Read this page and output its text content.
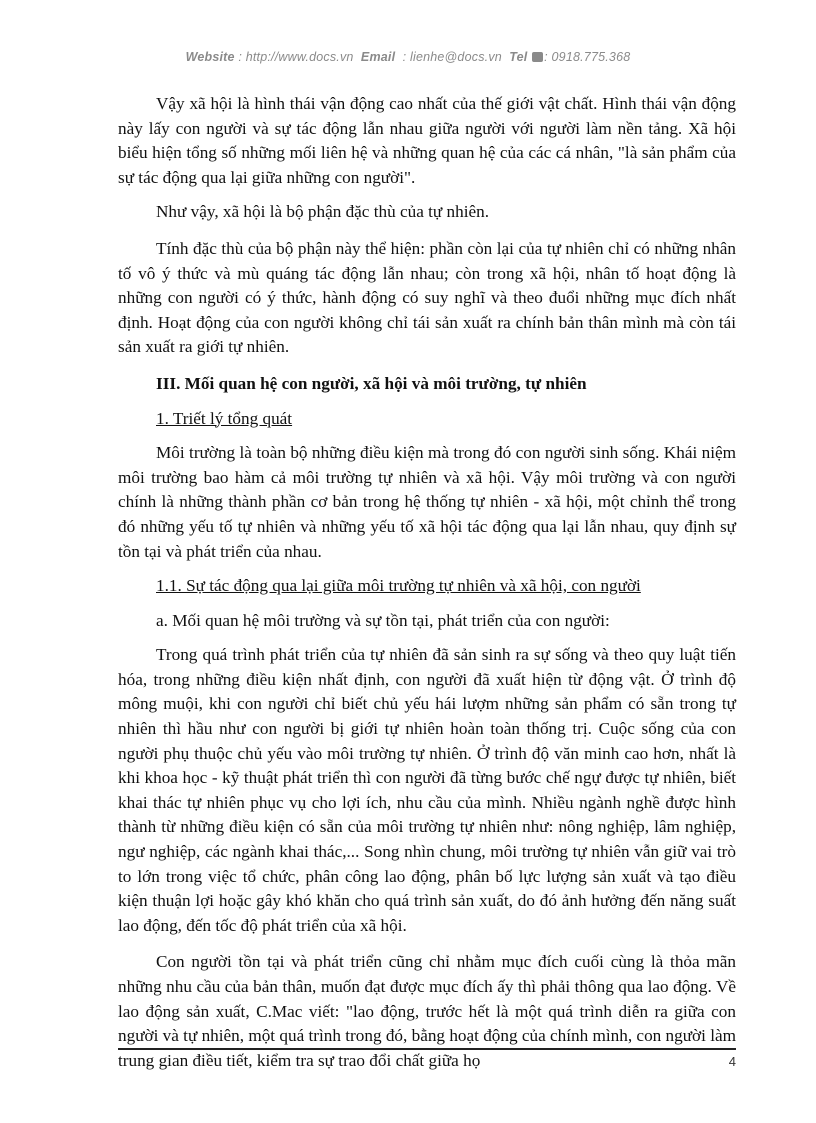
Website : http://www.docs.vn Email : lienhe@docs.vn Tel : 0918.775.368

Vậy xã hội là hình thái vận động cao nhất của thế giới vật chất. Hình thái vận động này lấy con người và sự tác động lẫn nhau giữa người với người làm nền tảng. Xã hội biểu hiện tổng số những mối liên hệ và những quan hệ của các cá nhân, "là sản phẩm của sự tác động qua lại giữa những con người".

Như vậy, xã hội là bộ phận đặc thù của tự nhiên.

Tính đặc thù của bộ phận này thể hiện: phần còn lại của tự nhiên chỉ có những nhân tố vô ý thức và mù quáng tác động lẫn nhau; còn trong xã hội, nhân tố hoạt động là những con người có ý thức, hành động có suy nghĩ và theo đuổi những mục đích nhất định. Hoạt động của con người không chỉ tái sản xuất ra chính bản thân mình mà còn tái sản xuất ra giới tự nhiên.

III. Mối quan hệ con người, xã hội và môi trường, tự nhiên

1. Triết lý tổng quát

Môi trường là toàn bộ những điều kiện mà trong đó con người sinh sống. Khái niệm môi trường bao hàm cả môi trường tự nhiên và xã hội. Vậy môi trường và con người chính là những thành phần cơ bản trong hệ thống tự nhiên - xã hội, một chỉnh thể trong đó những yếu tố tự nhiên và những yếu tố xã hội tác động qua lại lẫn nhau, quy định sự tồn tại và phát triển của nhau.

1.1. Sự tác động qua lại giữa môi trường tự nhiên và xã hội, con người

a. Mối quan hệ môi trường và sự tồn tại, phát triển của con người:

Trong quá trình phát triển của tự nhiên đã sản sinh ra sự sống và theo quy luật tiến hóa, trong những điều kiện nhất định, con người đã xuất hiện từ động vật. Ở trình độ mông muội, khi con người chỉ biết chủ yếu hái lượm những sản phẩm có sẵn trong tự nhiên thì hầu như con người bị giới tự nhiên hoàn toàn thống trị. Cuộc sống của con người phụ thuộc chủ yếu vào môi trường tự nhiên. Ở trình độ văn minh cao hơn, nhất là khi khoa học - kỹ thuật phát triển thì con người đã từng bước chế ngự được tự nhiên, biết khai thác tự nhiên phục vụ cho lợi ích, nhu cầu của mình. Nhiều ngành nghề được hình thành từ những điều kiện có sẵn của môi trường tự nhiên như: nông nghiệp, lâm nghiệp, ngư nghiệp, các ngành khai thác,... Song nhìn chung, môi trường tự nhiên vẫn giữ vai trò to lớn trong việc tổ chức, phân công lao động, phân bố lực lượng sản xuất và tạo điều kiện thuận lợi hoặc gây khó khăn cho quá trình sản xuất, do đó ảnh hưởng đến năng suất lao động, đến tốc độ phát triển của xã hội.

Con người tồn tại và phát triển cũng chỉ nhằm mục đích cuối cùng là thỏa mãn những nhu cầu của bản thân, muốn đạt được mục đích ấy thì phải thông qua lao động. Về lao động sản xuất, C.Mac viết: "lao động, trước hết là một quá trình diễn ra giữa con người và tự nhiên, một quá trình trong đó, bằng hoạt động của chính mình, con người làm trung gian điều tiết, kiểm tra sự trao đổi chất giữa họ	4
